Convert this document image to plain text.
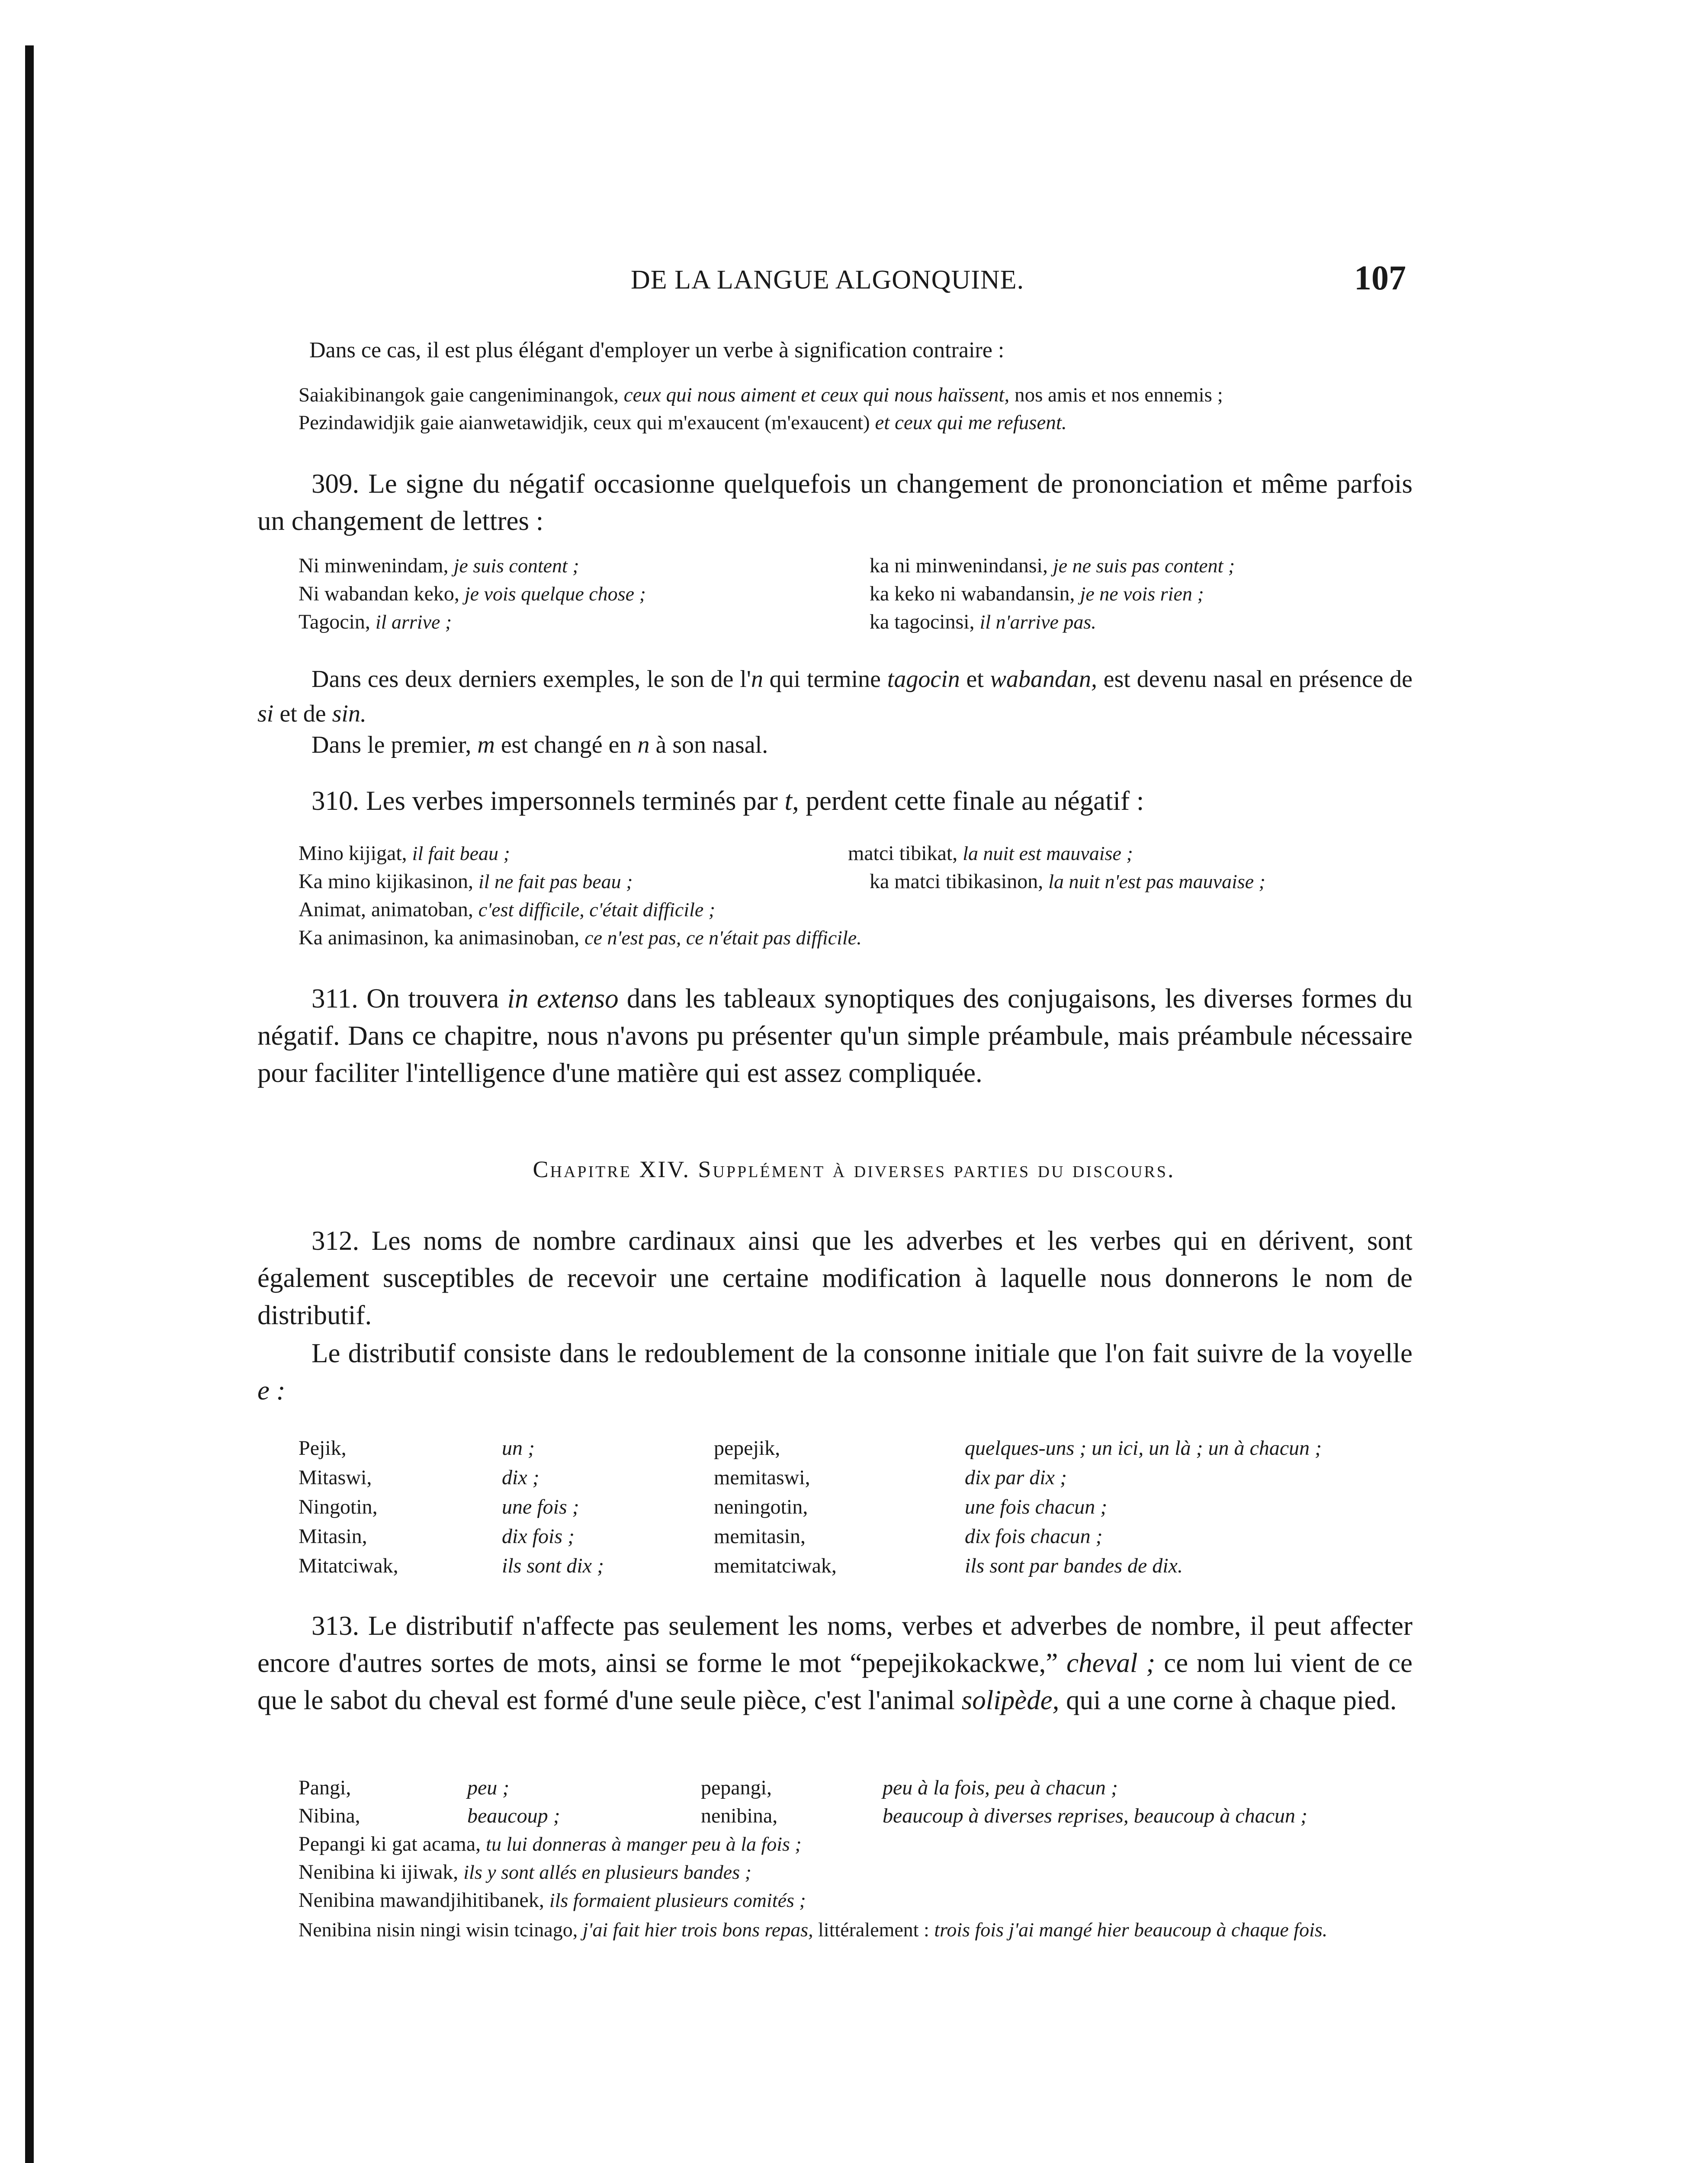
DE LA LANGUE ALGONQUINE.	107
Dans ce cas, il est plus élégant d'employer un verbe à signification contraire :
Saiakibinangok gaie cangeniminangok, ceux qui nous aiment et ceux qui nous haïssent, nos amis et nos ennemis ;
Pezindawidjik gaie aianwetawidjik, ceux qui m'exaucent (m'exaucent) et ceux qui me refusent.
309. Le signe du négatif occasionne quelquefois un changement de prononciation et même parfois un changement de lettres :
Ni minwenindam, je suis content ;	ka ni minwenindansi, je ne suis pas content ;
Ni wabandan keko, je vois quelque chose ;	ka keko ni wabandansin, je ne vois rien ;
Tagocin, il arrive ;	ka tagocinsi, il n'arrive pas.
Dans ces deux derniers exemples, le son de l'n qui termine tagocin et wabandan, est devenu nasal en présence de si et de sin.
Dans le premier, m est changé en n à son nasal.
310. Les verbes impersonnels terminés par t, perdent cette finale au négatif :
Mino kijigat, il fait beau ;	matci tibikat, la nuit est mauvaise ;
Ka mino kijikasinon, il ne fait pas beau ;	ka matci tibikasinon, la nuit n'est pas mauvaise ;
Animat, animatoban, c'est difficile, c'était difficile ;
Ka animasinon, ka animasinoban, ce n'est pas, ce n'était pas difficile.
311. On trouvera in extenso dans les tableaux synoptiques des conjugaisons, les diverses formes du négatif. Dans ce chapitre, nous n'avons pu présenter qu'un simple préambule, mais préambule nécessaire pour faciliter l'intelligence d'une matière qui est assez compliquée.
Chapitre XIV. Supplément à diverses parties du discours.
312. Les noms de nombre cardinaux ainsi que les adverbes et les verbes qui en dérivent, sont également susceptibles de recevoir une certaine modification à laquelle nous donnerons le nom de distributif.
Le distributif consiste dans le redoublement de la consonne initiale que l'on fait suivre de la voyelle e :
Pejik,	un ;	pepejik,	quelques-uns ; un ici, un là ; un à chacun ;
Mitaswi,	dix ;	memitaswi,	dix par dix ;
Ningotin,	une fois ;	neningotin,	une fois chacun ;
Mitasin,	dix fois ;	memitasin,	dix fois chacun ;
Mitatciwak,	ils sont dix ;	memitatciwak,	ils sont par bandes de dix.
313. Le distributif n'affecte pas seulement les noms, verbes et adverbes de nombre, il peut affecter encore d'autres sortes de mots, ainsi se forme le mot “pepejikokackwe,” cheval ; ce nom lui vient de ce que le sabot du cheval est formé d'une seule pièce, c'est l'animal solipède, qui a une corne à chaque pied.
Pangi,	peu ;	pepangi,	peu à la fois, peu à chacun ;
Nibina,	beaucoup ;	nenibina,	beaucoup à diverses reprises, beaucoup à chacun ;
Pepangi ki gat acama, tu lui donneras à manger peu à la fois ;
Nenibina ki ijiwak, ils y sont allés en plusieurs bandes ;
Nenibina mawandjihitibanek, ils formaient plusieurs comités ;
Nenibina nisin ningi wisin tcinago, j'ai fait hier trois bons repas, littéralement : trois fois j'ai mangé hier beaucoup à chaque fois.
